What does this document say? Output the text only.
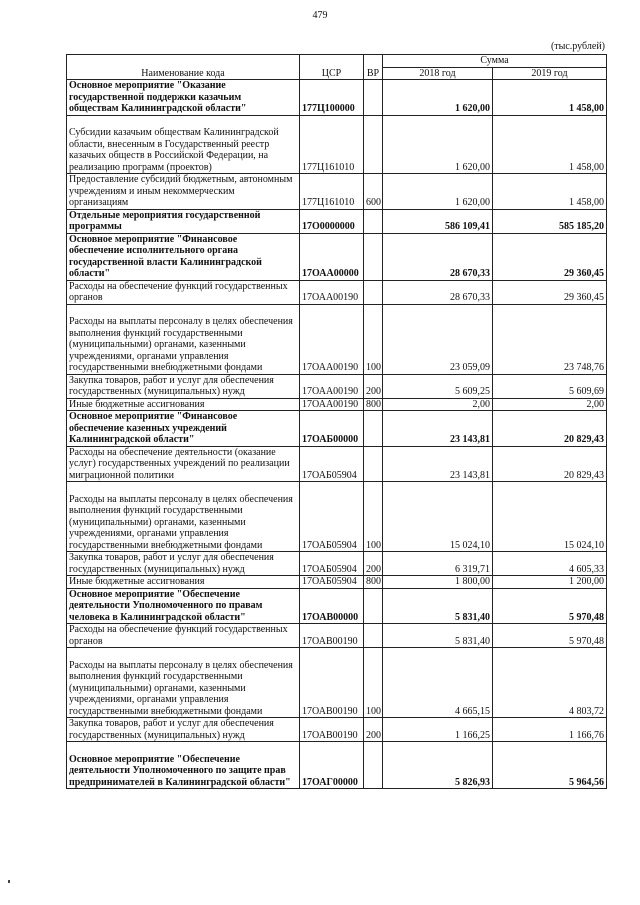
479
(тыс.рублей)
Наименование кода	ЦСР	ВР	Сумма	
			2018 год	2019 год

Основное мероприятие "Оказание
государственной поддержки казачьим
обществам Калининградской области"	177Ц100000		1 620,00	1 458,00

Субсидии казачьим обществам Калининградской
области, внесенным в Государственный реестр
казачьих обществ в Российской Федерации, на
реализацию программ (проектов)	177Ц161010		1 620,00	1 458,00

Предоставление субсидий бюджетным, автономным
учреждениям и иным некоммерческим
организациям	177Ц161010	600	1 620,00	1 458,00

Отдельные мероприятия государственной
программы	17О0000000		586 109,41	585 185,20

Основное мероприятие "Финансовое
обеспечение исполнительного органа
государственной власти Калининградской
области"	17ОАА00000		28 670,33	29 360,45

Расходы на обеспечение функций государственных
органов	17ОАА00190		28 670,33	29 360,45

Расходы на выплаты персоналу в целях обеспечения
выполнения функций государственными
(муниципальными) органами, казенными
учреждениями, органами управления
государственными внебюджетными фондами	17ОАА00190	100	23 059,09	23 748,76

Закупка товаров, работ и услуг для обеспечения
государственных (муниципальных) нужд	17ОАА00190	200	5 609,25	5 609,69

Иные бюджетные ассигнования	17ОАА00190	800	2,00	2,00

Основное мероприятие "Финансовое
обеспечение казенных учреждений
Калининградской области"	17ОАБ00000		23 143,81	20 829,43

Расходы на обеспечение деятельности (оказание
услуг) государственных учреждений по реализации
миграционной политики	17ОАБ05904		23 143,81	20 829,43

Расходы на выплаты персоналу в целях обеспечения
выполнения функций государственными
(муниципальными) органами, казенными
учреждениями, органами управления
государственными внебюджетными фондами	17ОАБ05904	100	15 024,10	15 024,10

Закупка товаров, работ и услуг для обеспечения
государственных (муниципальных) нужд	17ОАБ05904	200	6 319,71	4 605,33

Иные бюджетные ассигнования	17ОАБ05904	800	1 800,00	1 200,00

Основное мероприятие "Обеспечение
деятельности Уполномоченного по правам
человека в Калининградской области"	17ОАВ00000		5 831,40	5 970,48

Расходы на обеспечение функций государственных
органов	17ОАВ00190		5 831,40	5 970,48

Расходы на выплаты персоналу в целях обеспечения
выполнения функций государственными
(муниципальными) органами, казенными
учреждениями, органами управления
государственными внебюджетными фондами	17ОАВ00190	100	4 665,15	4 803,72

Закупка товаров, работ и услуг для обеспечения
государственных (муниципальных) нужд	17ОАВ00190	200	1 166,25	1 166,76

Основное мероприятие "Обеспечение
деятельности Уполномоченного по защите прав
предпринимателей в Калининградской области"	17ОАГ00000		5 826,93	5 964,56
